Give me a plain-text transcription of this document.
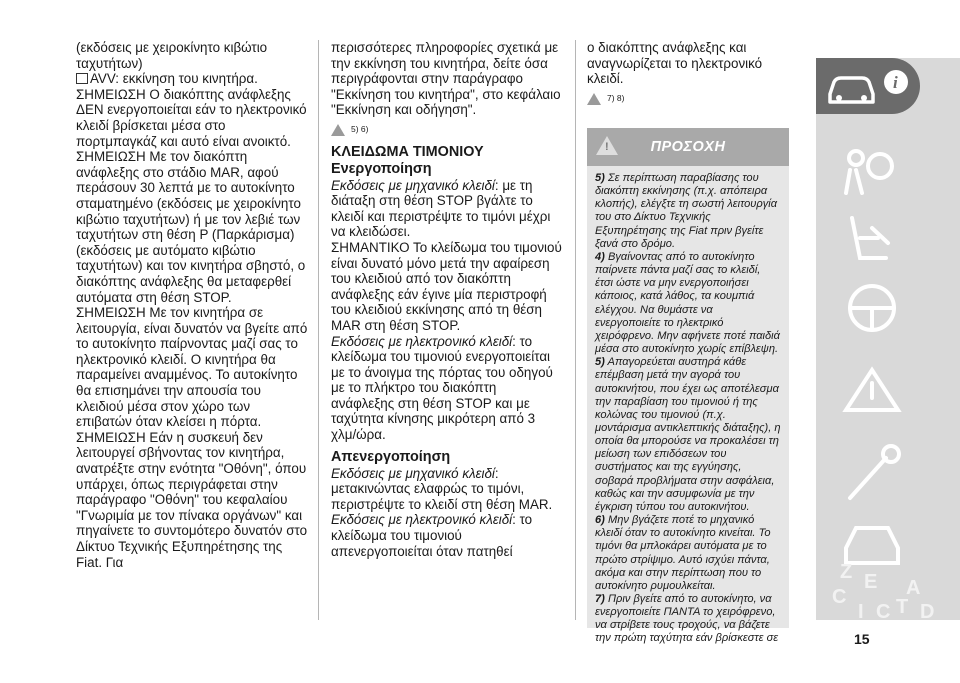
(εκδόσεις με χειροκίνητο κιβώτιο

ταχυτήτων)

AVV: εκκίνηση του κινητήρα.

ΣΗΜΕΙΩΣΗ Ο διακόπτης ανάφλεξης ΔΕΝ ενεργοποιείται εάν το ηλεκτρονικό κλειδί βρίσκεται μέσα στο πορτμπαγκάζ και αυτό είναι ανοικτό.

ΣΗΜΕΙΩΣΗ Με τον διακόπτη ανάφλεξης στο στάδιο MAR, αφού περάσουν 30 λεπτά με το αυτοκίνητο σταματημένο (εκδόσεις με χειροκίνητο κιβώτιο ταχυτήτων) ή με τον λεβιέ των ταχυτήτων στη θέση P (Παρκάρισμα) (εκδόσεις με αυτόματο κιβώτιο ταχυτήτων) και τον κινητήρα σβηστό, ο διακόπτης ανάφλεξης θα μεταφερθεί αυτόματα στη θέση STOP.

ΣΗΜΕΙΩΣΗ Με τον κινητήρα σε λειτουργία, είναι δυνατόν να βγείτε από το αυτοκίνητο παίρνοντας μαζί σας το ηλεκτρονικό κλειδί. Ο κινητήρα θα παραμείνει αναμμένος. Το αυτοκίνητο θα επισημάνει την απουσία του κλειδιού μέσα στον χώρο των επιβατών όταν κλείσει η πόρτα.

ΣΗΜΕΙΩΣΗ Εάν η συσκευή δεν λειτουργεί σβήνοντας τον κινητήρα, ανατρέξτε στην ενότητα "Οθόνη", όπου υπάρχει, όπως περιγράφεται στην παράγραφο "Οθόνη" του κεφαλαίου "Γνωριμία με τον πίνακα οργάνων" και πηγαίνετε το συντομότερο δυνατόν στο Δίκτυο Τεχνικής Εξυπηρέτησης της Fiat. Για

περισσότερες πληροφορίες σχετικά με την εκκίνηση του κινητήρα, δείτε όσα περιγράφονται στην παράγραφο "Εκκίνηση του κινητήρα", στο κεφάλαιο "Εκκίνηση και οδήγηση".

5) 6)

ΚΛΕΙΔΩΜΑ ΤΙΜΟΝΙΟΥ

Ενεργοποίηση

Εκδόσεις με μηχανικό κλειδί: με τη διάταξη στη θέση STOP βγάλτε το κλειδί και περιστρέψτε το τιμόνι μέχρι να κλειδώσει.

ΣΗΜΑΝΤΙΚΟ Το κλείδωμα του τιμονιού είναι δυνατό μόνο μετά την αφαίρεση του κλειδιού από τον διακόπτη ανάφλεξης εάν έγινε μία περιστροφή του κλειδιού εκκίνησης από τη θέση MAR στη θέση STOP.

Εκδόσεις με ηλεκτρονικό κλειδί: το κλείδωμα του τιμονιού ενεργοποιείται με το άνοιγμα της πόρτας του οδηγού με το πλήκτρο του διακόπτη ανάφλεξης στη θέση STOP και με ταχύτητα κίνησης μικρότερη από 3 χλμ/ώρα.

Απενεργοποίηση

Εκδόσεις με μηχανικό κλειδί: μετακινώντας ελαφρώς το τιμόνι, περιστρέψτε το κλειδί στη θέση MAR.

Εκδόσεις με ηλεκτρονικό κλειδί: το κλείδωμα του τιμονιού απενεργοποιείται όταν πατηθεί

ο διακόπτης ανάφλεξης και αναγνωρίζεται το ηλεκτρονικό κλειδί.

7) 8)
!	ΠΡΟΣΟΧΗ

5) Σε περίπτωση παραβίασης του διακόπτη εκκίνησης (π.χ. απόπειρα κλοπής), ελέγξτε τη σωστή λειτουργία του στο Δίκτυο Τεχνικής Εξυπηρέτησης της Fiat πριν βγείτε ξανά στο δρόμο.

4) Βγαίνοντας από το αυτοκίνητο παίρνετε πάντα μαζί σας το κλειδί, έτσι ώστε να μην ενεργοποιήσει κάποιος, κατά λάθος, τα κουμπιά ελέγχου. Να θυμάστε να ενεργοποιείτε το ηλεκτρικό χειρόφρενο. Μην αφήνετε ποτέ παιδιά μέσα στο αυτοκίνητο χωρίς επίβλεψη.

5) Απαγορεύεται αυστηρά κάθε επέμβαση μετά την αγορά του αυτοκινήτου, που έχει ως αποτέλεσμα την παραβίαση του τιμονιού ή της κολώνας του τιμονιού (π.χ. μοντάρισμα αντικλεπτικής διάταξης), η οποία θα μπορούσε να προκαλέσει τη μείωση των επιδόσεων του συστήματος και της εγγύησης, σοβαρά προβλήματα στην ασφάλεια, καθώς και την ασυμφωνία με την έγκριση τύπου του αυτοκινήτου.

6) Μην βγάζετε ποτέ το μηχανικό κλειδί όταν το αυτοκίνητο κινείται. Το τιμόνι θα μπλοκάρει αυτόματα με το πρώτο στρίψιμο. Αυτό ισχύει πάντα, ακόμα και στην περίπτωση που το αυτοκίνητο ρυμουλκείται.

7) Πριν βγείτε από το αυτοκίνητο, να ενεργοποιείτε ΠΑΝΤΑ το χειρόφρενο, να στρίβετε τους τροχούς, να βάζετε την πρώτη ταχύτητα εάν βρίσκεστε σε

Z E A
C
I C T D
i
15
